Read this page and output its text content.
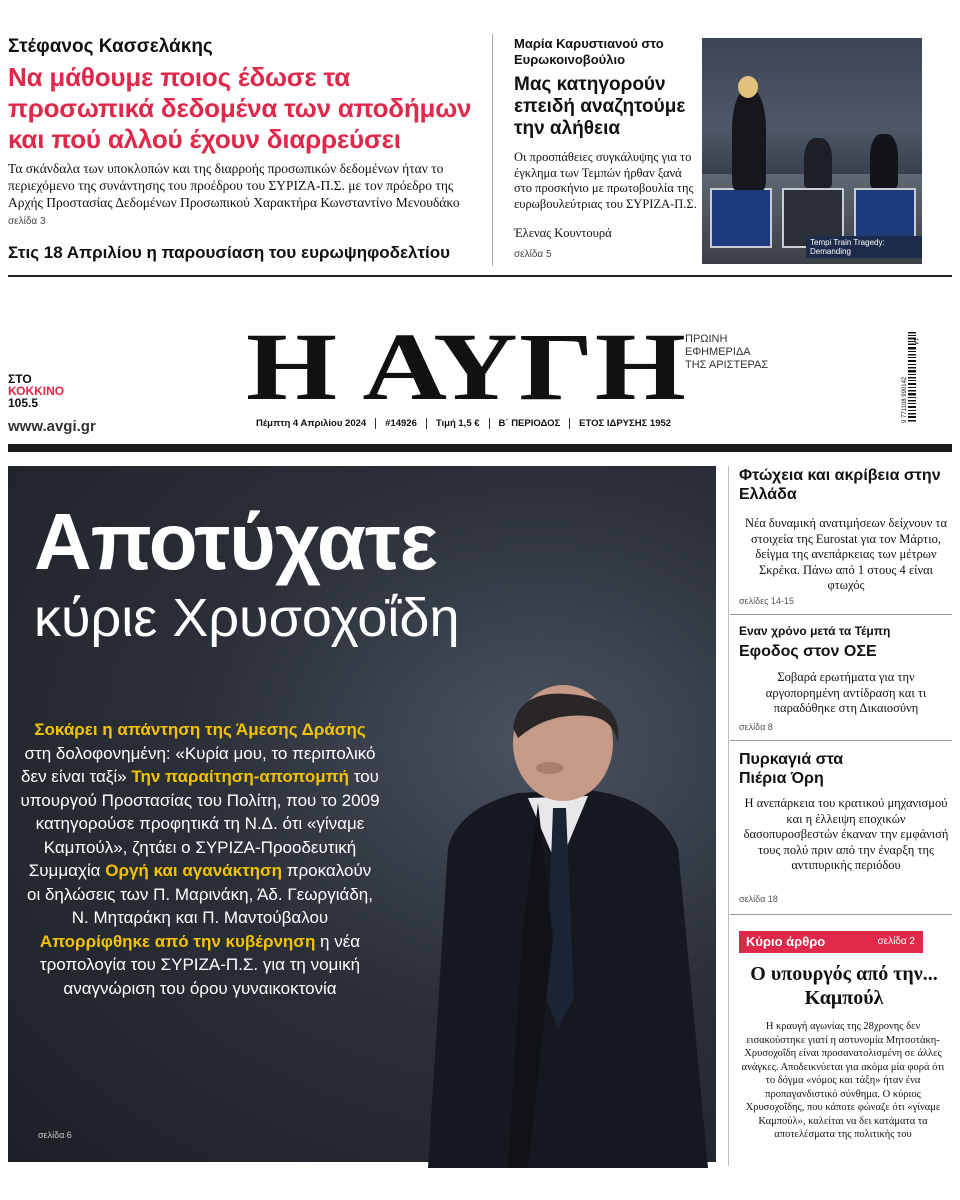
Στέφανος Κασσελάκης
Να μάθουμε ποιος έδωσε τα προσωπικά δεδομένα των αποδήμων και πού αλλού έχουν διαρρεύσει
Τα σκάνδαλα των υποκλοπών και της διαρροής προσωπικών δεδομένων ήταν το περιεχόμενο της συνάντησης του προέδρου του ΣΥΡΙΖΑ-Π.Σ. με τον πρόεδρο της Αρχής Προστασίας Δεδομένων Προσωπικού Χαρακτήρα Κωνσταντίνο Μενουδάκο σελίδα 3
Στις 18 Απριλίου η παρουσίαση του ευρωψηφοδελτίου
Μαρία Καρυστιανού στο Ευρωκοινοβούλιο
Μας κατηγορούν επειδή αναζητούμε την αλήθεια
Οι προσπάθειες συγκάλυψης για το έγκλημα των Τεμπών ήρθαν ξανά στο προσκήνιο με πρωτοβουλία της ευρωβουλεύτριας του ΣΥΡΙΖΑ-Π.Σ.
Έλενας Κουντουρά
σελίδα 5
Tempi Train Tragedy: Demanding
ΣΤΟ
ΚΟΚΚΙΝΟ
105.5
www.avgi.gr
Η ΑΥΓΗ
ΠΡΩΙΝΗ
ΕΦΗΜΕΡΙΔΑ
ΤΗΣ ΑΡΙΣΤΕΡΑΣ
9 771108 990142
14
Πέμπτη 4 Απριλίου 2024	#14926	Τιμή 1,5 €	Β΄ ΠΕΡΙΟΔΟΣ	ΕΤΟΣ ΙΔΡΥΣΗΣ 1952
Αποτύχατε
κύριε Χρυσοχοΐδη
Σοκάρει η απάντηση της Άμεσης Δράσης στη δολοφονημένη: «Κυρία μου, το περιπολικό δεν είναι ταξί» Την παραίτηση-αποπομπή του υπουργού Προστασίας του Πολίτη, που το 2009 κατηγορούσε προφητικά τη Ν.Δ. ότι «γίναμε Καμπούλ», ζητάει ο ΣΥΡΙΖΑ-Προοδευτική Συμμαχία Οργή και αγανάκτηση προκαλούν οι δηλώσεις των Π. Μαρινάκη, Άδ. Γεωργιάδη, Ν. Μηταράκη και Π. Μαντούβαλου Απορρίφθηκε από την κυβέρνηση η νέα τροπολογία του ΣΥΡΙΖΑ-Π.Σ. για τη νομική αναγνώριση του όρου γυναικοκτονία
σελίδα 6
Φτώχεια και ακρίβεια στην Ελλάδα
Νέα δυναμική ανατιμήσεων δείχνουν τα στοιχεία της Eurostat για τον Μάρτιο, δείγμα της ανεπάρκειας των μέτρων Σκρέκα. Πάνω από 1 στους 4 είναι φτωχός
σελίδες 14-15
Εναν χρόνο μετά τα Τέμπη
Εφοδος στον ΟΣΕ
Σοβαρά ερωτήματα για την αργοπορημένη αντίδραση και τι παραδόθηκε στη Δικαιοσύνη
σελίδα 8
Πυρκαγιά στα Πιέρια Όρη
Η ανεπάρκεια του κρατικού μηχανισμού και η έλλειψη εποχικών δασοπυροσβεστών έκαναν την εμφάνισή τους πολύ πριν από την έναρξη της αντιπυρικής περιόδου
σελίδα 18
Κύριο άρθρο	σελίδα 2
Ο υπουργός από την... Καμπούλ
Η κραυγή αγωνίας της 28χρονης δεν εισακούστηκε γιατί η αστυνομία Μητσοτάκη-Χρυσοχοΐδη είναι προσανατολισμένη σε άλλες ανάγκες. Αποδεικνύεται για ακόμα μία φορά ότι το δόγμα «νόμος και τάξη» ήταν ένα προπαγανδιστικό σύνθημα. Ο κύριος Χρυσοχοΐδης, που κάποτε φώναζε ότι «γίναμε Καμπούλ», καλείται να δει κατάματα τα αποτελέσματα της πολιτικής του
